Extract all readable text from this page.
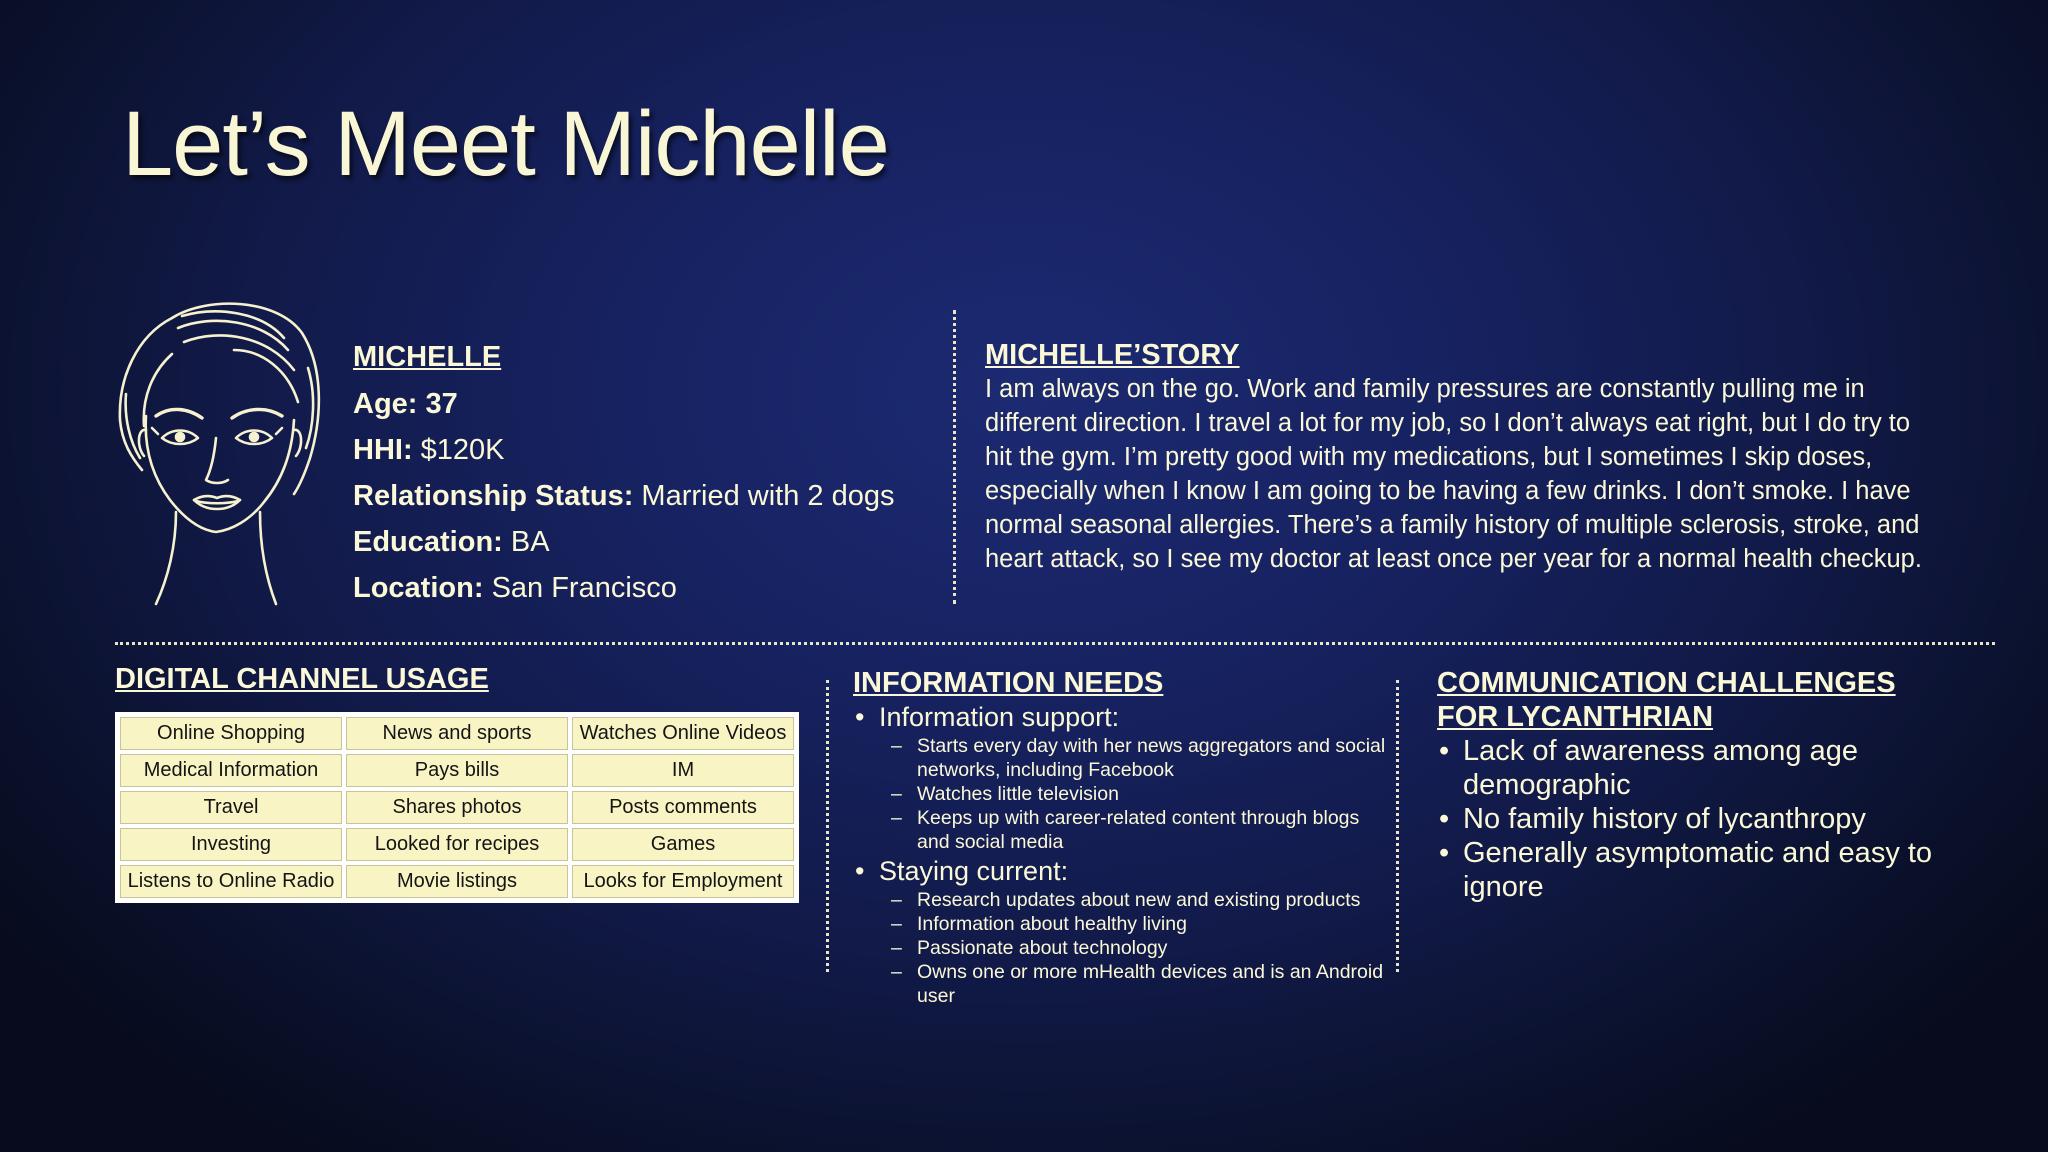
Let’s Meet Michelle

MICHELLE

Age: 37

HHI: $120K

Relationship Status: Married with 2 dogs

Education: BA

Location: San Francisco

MICHELLE’STORY

I am always on the go. Work and family pressures are constantly pulling me in different direction. I travel a lot for my job, so I don’t always eat right, but I do try to hit the gym. I’m pretty good with my medications, but I sometimes I skip doses, especially when I know I am going to be having a few drinks. I don’t smoke. I have normal seasonal allergies. There’s a family history of multiple sclerosis, stroke, and heart attack, so I see my doctor at least once per year for a normal health checkup.

DIGITAL CHANNEL USAGE

Online Shopping	News and sports	Watches Online Videos
Medical Information	Pays bills	IM
Travel	Shares photos	Posts comments
Investing	Looked for recipes	Games
Listens to Online Radio	Movie listings	Looks for Employment

INFORMATION NEEDS

• Information support:
– Starts every day with her news aggregators and social networks, including Facebook
– Watches little television
– Keeps up with career-related content through blogs and social media
• Staying current:
– Research updates about new and existing products
– Information about healthy living
– Passionate about technology
– Owns one or more mHealth devices and is an Android user

COMMUNICATION CHALLENGES

FOR LYCANTHRIAN

• Lack of awareness among age demographic
• No family history of lycanthropy
• Generally asymptomatic and easy to ignore
